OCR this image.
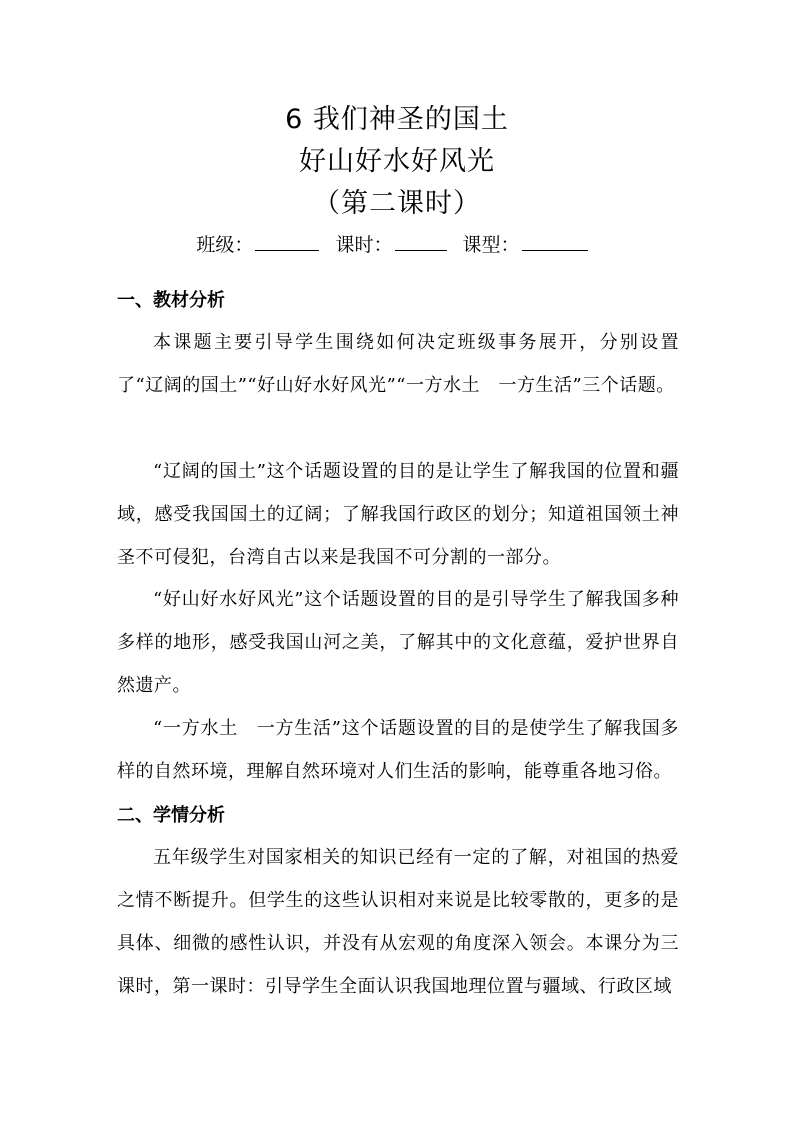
6 我们神圣的国土
好山好水好风光
（第二课时）
班级：	课时：	课型：
一、教材分析

本课题主要引导学生围绕如何决定班级事务展开，分别设置了“辽阔的国土”“好山好水好风光”“一方水土　一方生活”三个话题。

“辽阔的国土”这个话题设置的目的是让学生了解我国的位置和疆域，感受我国国土的辽阔；了解我国行政区的划分；知道祖国领土神圣不可侵犯，台湾自古以来是我国不可分割的一部分。

“好山好水好风光”这个话题设置的目的是引导学生了解我国多种多样的地形，感受我国山河之美，了解其中的文化意蕴，爱护世界自然遗产。

“一方水土　一方生活”这个话题设置的目的是使学生了解我国多样的自然环境，理解自然环境对人们生活的影响，能尊重各地习俗。

二、学情分析

五年级学生对国家相关的知识已经有一定的了解，对祖国的热爱之情不断提升。但学生的这些认识相对来说是比较零散的，更多的是具体、细微的感性认识，并没有从宏观的角度深入领会。本课分为三课时，第一课时：引导学生全面认识我国地理位置与疆域、行政区域
